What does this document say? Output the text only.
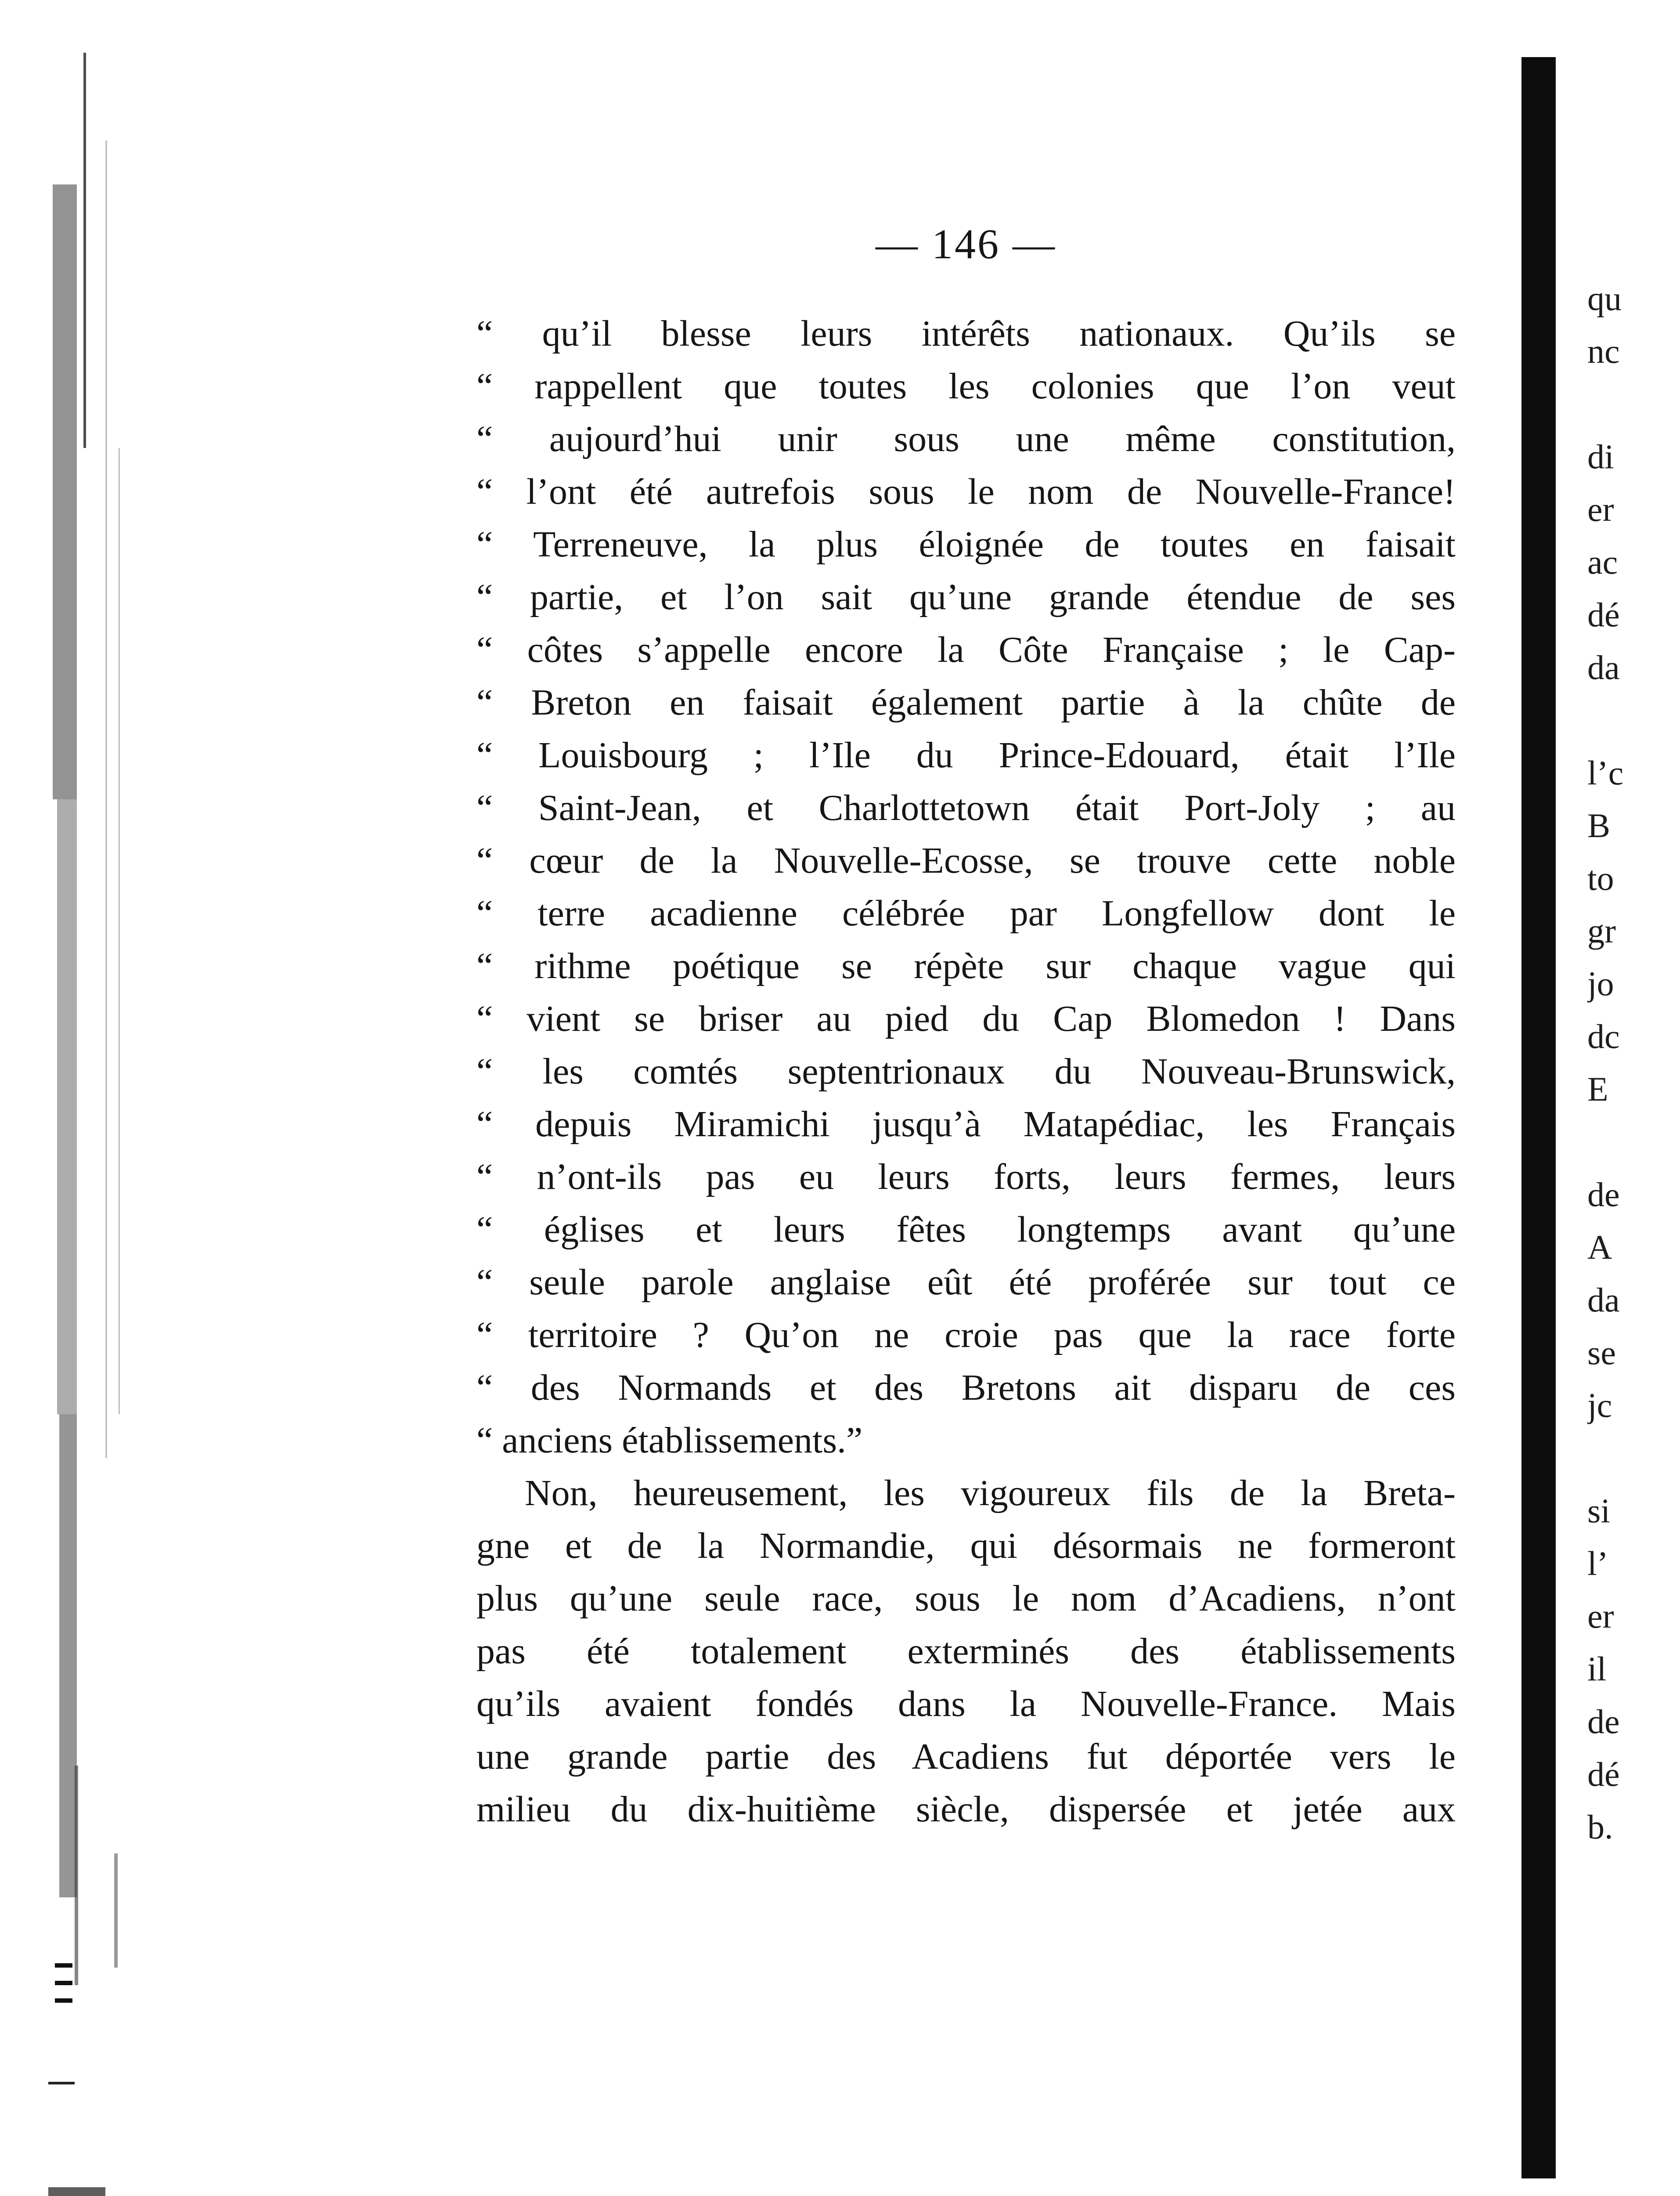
— 146 —
“ qu’il blesse leurs intérêts nationaux. Qu’ils se
“ rappellent que toutes les colonies que l’on veut
“ aujourd’hui unir sous une même constitution,
“ l’ont été autrefois sous le nom de Nouvelle-France!
“ Terreneuve, la plus éloignée de toutes en faisait
“ partie, et l’on sait qu’une grande étendue de ses
“ côtes s’appelle encore la Côte Française ; le Cap-
“ Breton en faisait également partie à la chûte de
“ Louisbourg ; l’Ile du Prince-Edouard, était l’Ile
“ Saint-Jean, et Charlottetown était Port-Joly ; au
“ cœur de la Nouvelle-Ecosse, se trouve cette noble
“ terre acadienne célébrée par Longfellow dont le
“ rithme poétique se répète sur chaque vague qui
“ vient se briser au pied du Cap Blomedon ! Dans
“ les comtés septentrionaux du Nouveau-Brunswick,
“ depuis Miramichi jusqu’à Matapédiac, les Français
“ n’ont-ils pas eu leurs forts, leurs fermes, leurs
“ églises et leurs fêtes longtemps avant qu’une
“ seule parole anglaise eût été proférée sur tout ce
“ territoire ? Qu’on ne croie pas que la race forte
“ des Normands et des Bretons ait disparu de ces
“ anciens établissements.”
Non, heureusement, les vigoureux fils de la Breta-
gne et de la Normandie, qui désormais ne formeront
plus qu’une seule race, sous le nom d’Acadiens, n’ont
pas été totalement exterminés des établissements
qu’ils avaient fondés dans la Nouvelle-France. Mais
une grande partie des Acadiens fut déportée vers le
milieu du dix-huitième siècle, dispersée et jetée aux
qu
nc
di
er
ac
dé
da
l’c
B
to
gr
jo
dc
E
de
A
da
se
jc
si
l’
er
il
de
dé
b.
